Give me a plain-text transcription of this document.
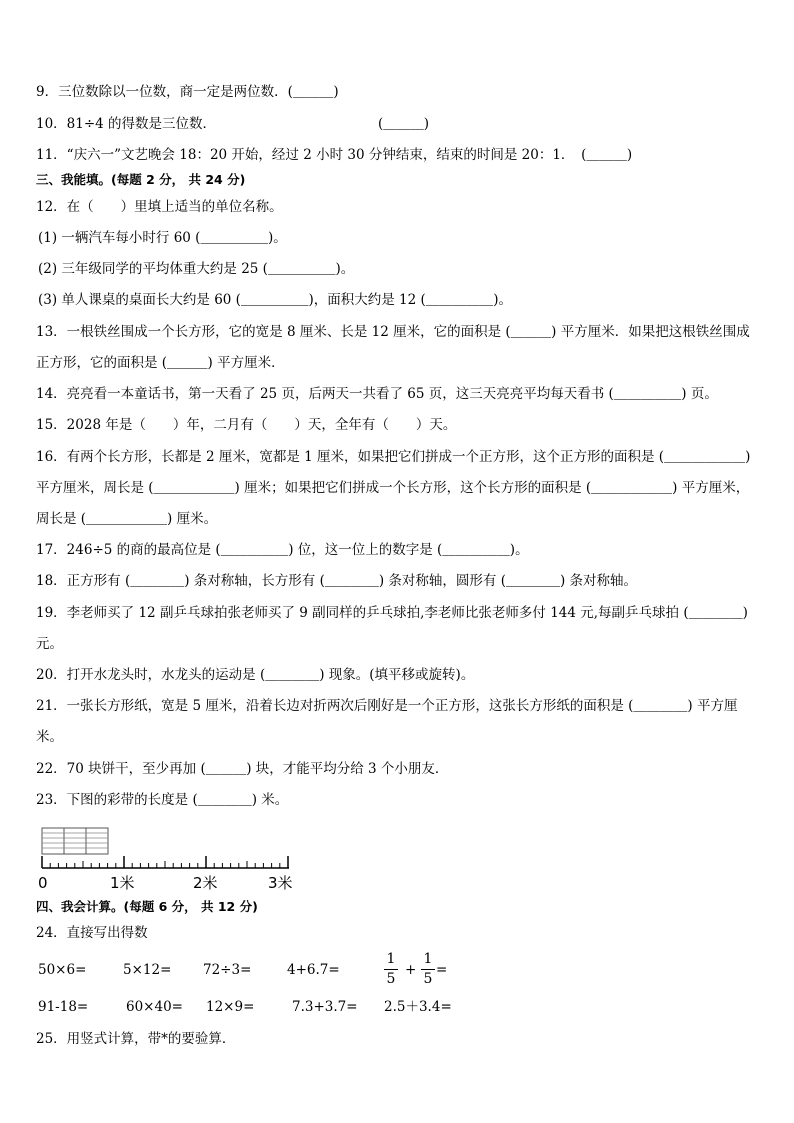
9．三位数除以一位数，商一定是两位数．(＿＿＿)
10．81÷4 的得数是三位数．	(＿＿＿)
11．“庆六一”文艺晚会 18：20 开始，经过 2 小时 30 分钟结束，结束的时间是 20：1．　(＿＿＿)
三、我能填。(每题 2 分， 共 24 分)
12．在（　　）里填上适当的单位名称。
(1) 一辆汽车每小时行 60 (＿＿＿＿＿)。
(2) 三年级同学的平均体重大约是 25 (＿＿＿＿＿)。
(3) 单人课桌的桌面长大约是 60 (＿＿＿＿＿)，面积大约是 12 (＿＿＿＿＿)。
13．一根铁丝围成一个长方形，它的宽是 8 厘米、长是 12 厘米，它的面积是 (＿＿＿) 平方厘米．如果把这根铁丝围成
正方形，它的面积是 (＿＿＿) 平方厘米．
14．亮亮看一本童话书，第一天看了 25 页，后两天一共看了 65 页，这三天亮亮平均每天看书 (＿＿＿＿＿) 页。
15．2028 年是（　　）年，二月有（　　）天，全年有（　　）天。
16．有两个长方形，长都是 2 厘米，宽都是 1 厘米，如果把它们拼成一个正方形，这个正方形的面积是 (＿＿＿＿＿＿)
平方厘米，周长是 (＿＿＿＿＿＿) 厘米；如果把它们拼成一个长方形，这个长方形的面积是 (＿＿＿＿＿＿) 平方厘米，
周长是 (＿＿＿＿＿＿) 厘米。
17．246÷5 的商的最高位是 (＿＿＿＿＿) 位，这一位上的数字是 (＿＿＿＿＿)。
18．正方形有 (＿＿＿＿) 条对称轴，长方形有 (＿＿＿＿) 条对称轴，圆形有 (＿＿＿＿) 条对称轴。
19．李老师买了 12 副乒乓球拍张老师买了 9 副同样的乒乓球拍,李老师比张老师多付 144 元,每副乒乓球拍 (＿＿＿＿)
元。
20．打开水龙头时，水龙头的运动是 (＿＿＿＿) 现象。(填平移或旋转)。
21．一张长方形纸，宽是 5 厘米，沿着长边对折两次后刚好是一个正方形，这张长方形纸的面积是 (＿＿＿＿) 平方厘
米。
22．70 块饼干，至少再加 (＿＿＿) 块，才能平均分给 3 个小朋友．
23．下图的彩带的长度是 (＿＿＿＿) 米。
0	1米	2米	3米
四、我会计算。(每题 6 分， 共 12 分)
24．直接写出得数
50×6=	5×12= 72÷3=	4+6.7=
1
5
+
1
5
=
91-18=	60×40= 12×9=	7.3+3.7= 2.5＋3.4=
25．用竖式计算，带*的要验算．
